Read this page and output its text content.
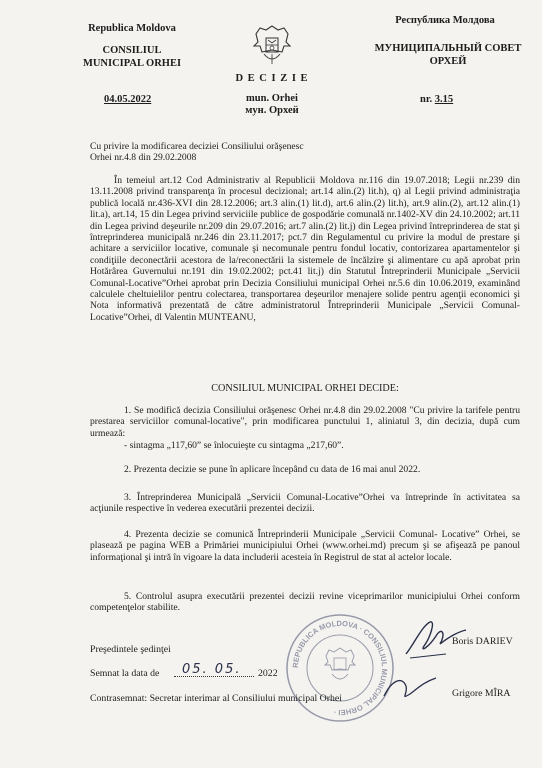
Republica Moldova
CONSILIUL
MUNICIPAL ORHEI
04.05.2022
D E C I Z I E
mun. Orhei
мун. Орхей
Республика Молдова
МУНИЦИПАЛЬНЫЙ СОВЕТ
ОРХЕЙ
nr. 3.15
Cu privire la modificarea deciziei Consiliului orăşenesc
Orhei nr.4.8 din 29.02.2008
În temeiul art.12 Cod Administrativ al Republicii Moldova nr.116 din 19.07.2018; Legii nr.239 din 13.11.2008 privind transparenţa în procesul decizional; art.14 alin.(2) lit.h), q) al Legii privind administraţia publică locală nr.436-XVI din 28.12.2006; art.3 alin.(1) lit.d), art.6 alin.(2) lit.h), art.9 alin.(2), art.12 alin.(1) lit.a), art.14, 15 din Legea privind serviciile publice de gospodărie comunală nr.1402-XV din 24.10.2002; art.11 din Legea privind deşeurile nr.209 din 29.07.2016; art.7 alin.(2) lit.j) din Legea privind întreprinderea de stat şi întreprinderea municipală nr.246 din 23.11.2017; pct.7 din Regulamentul cu privire la modul de prestare şi achitare a serviciilor locative, comunale şi necomunale pentru fondul locativ, contorizarea apartamentelor şi condiţiile deconectării acestora de la/reconectării la sistemele de încălzire şi alimentare cu apă aprobat prin Hotărârea Guvernului nr.191 din 19.02.2002; pct.41 lit.j) din Statutul Întreprinderii Municipale „Servicii Comunal-Locative”Orhei aprobat prin Decizia Consiliului municipal Orhei nr.5.6 din 10.06.2019, examinând calculele cheltuielilor pentru colectarea, transportarea deşeurilor menajere solide pentru agenţii economici şi Nota informativă prezentată de către administratorul Întreprinderii Municipale „Servicii Comunal-Locative”Orhei, dl Valentin MUNTEANU,
CONSILIUL MUNICIPAL ORHEI DECIDE:
1. Se modifică decizia Consiliului orăşenesc Orhei nr.4.8 din 29.02.2008 "Cu privire la tarifele pentru prestarea serviciilor comunal-locative", prin modificarea punctului 1, aliniatul 3, din decizia, după cum urmează:
- sintagma „117,60” se înlocuieşte cu sintagma „217,60”.
2. Prezenta decizie se pune în aplicare începând cu data de 16 mai anul 2022.
3. Întreprinderea Municipală „Servicii Comunal-Locative”Orhei va întreprinde în activitatea sa acţiunile respective în vederea executării prezentei decizii.
4. Prezenta decizie se comunică Întreprinderii Municipale „Servicii Comunal- Locative” Orhei, se plasează pe pagina WEB a Primăriei municipiului Orhei (www.orhei.md) precum şi se afişează pe panoul informaţional şi intră în vigoare la data includerii acesteia în Registrul de stat al actelor locale.
5. Controlul asupra executării prezentei decizii revine viceprimarilor municipiului Orhei conform competenţelor stabilite.
REPUBLICA MOLDOVA · CONSILIUL MUNICIPAL ORHEI ·
Preşedintele şedinţei
Boris DARIEV
Semnat la data de 05. 05. 2022
Contrasemnat: Secretar interimar al Consiliului municipal Orhei	Grigore MÎRA
